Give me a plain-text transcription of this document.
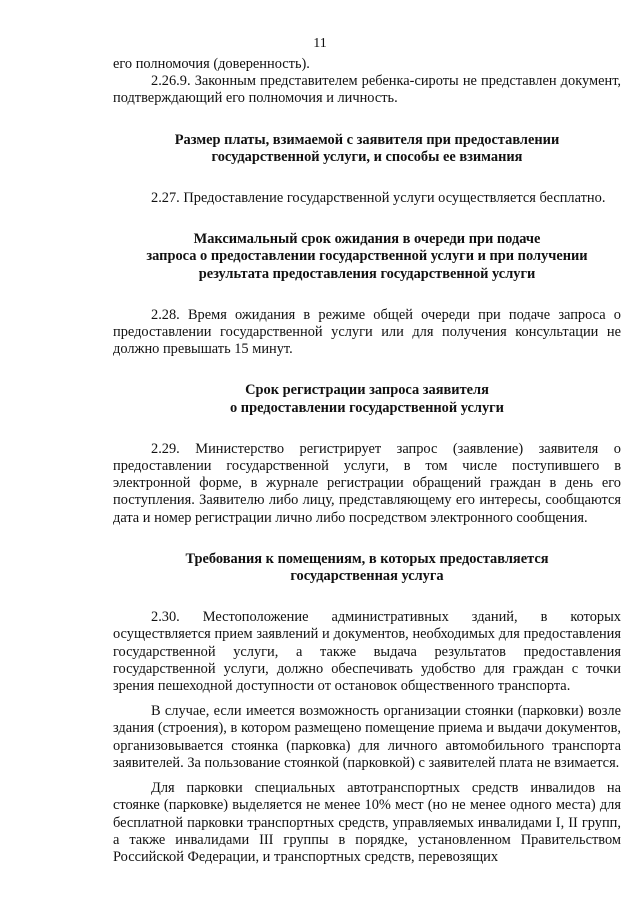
11

его полномочия (доверенность).

2.26.9. Законным представителем ребенка-сироты не представлен документ, подтверждающий его полномочия и личность.

Размер платы, взимаемой с заявителя при предоставлении

государственной услуги, и способы ее взимания

2.27. Предоставление государственной услуги осуществляется бесплатно.

Максимальный срок ожидания в очереди при подаче

запроса о предоставлении государственной услуги и при получении

результата предоставления государственной услуги

2.28. Время ожидания в режиме общей очереди при подаче запроса о предоставлении государственной услуги или для получения консультации не должно превышать 15 минут.

Срок регистрации запроса заявителя

о предоставлении государственной услуги

2.29. Министерство регистрирует запрос (заявление) заявителя о предоставлении государственной услуги, в том числе поступившего в электронной форме, в журнале регистрации обращений граждан в день его поступления. Заявителю либо лицу, представляющему его интересы, сообщаются дата и номер регистрации лично либо посредством электронного сообщения.

Требования к помещениям, в которых предоставляется

государственная услуга

2.30. Местоположение административных зданий, в которых осуществляется прием заявлений и документов, необходимых для предоставления государственной услуги, а также выдача результатов предоставления государственной услуги, должно обеспечивать удобство для граждан с точки зрения пешеходной доступности от остановок общественного транспорта.

В случае, если имеется возможность организации стоянки (парковки) возле здания (строения), в котором размещено помещение приема и выдачи документов, организовывается стоянка (парковка) для личного автомобильного транспорта заявителей. За пользование стоянкой (парковкой) с заявителей плата не взимается.

Для парковки специальных автотранспортных средств инвалидов на стоянке (парковке) выделяется не менее 10% мест (но не менее одного места) для бесплатной парковки транспортных средств, управляемых инвалидами I, II групп, а также инвалидами III группы в порядке, установленном Правительством Российской Федерации, и транспортных средств, перевозящих
